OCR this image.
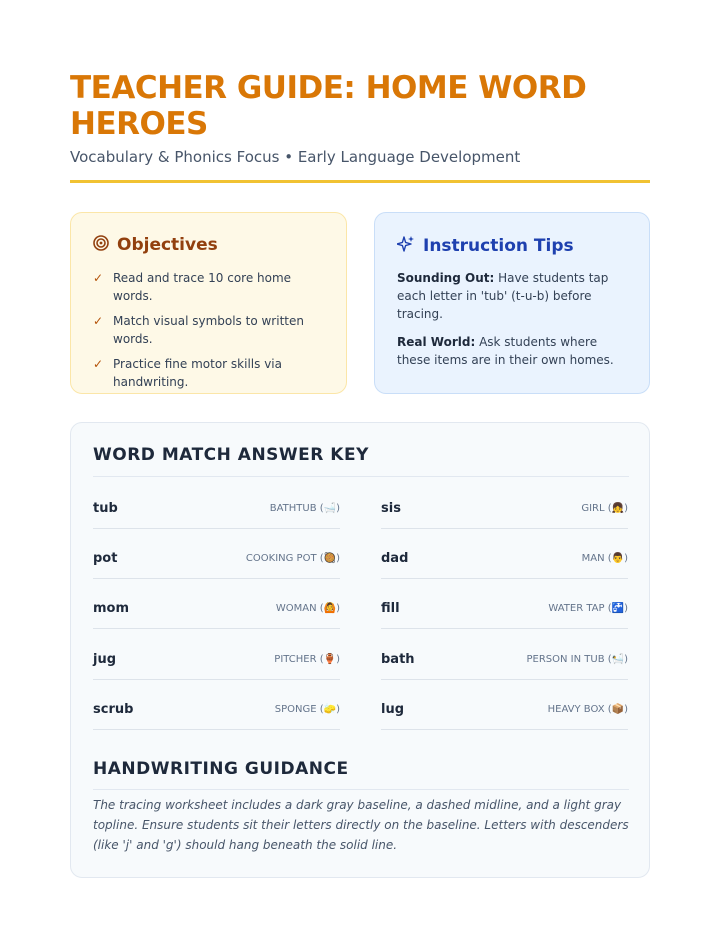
TEACHER GUIDE: HOME WORD HEROES
Vocabulary & Phonics Focus • Early Language Development
Objectives
✓ Read and trace 10 core home words.
✓ Match visual symbols to written words.
✓ Practice fine motor skills via handwriting.
Instruction Tips

Sounding Out: Have students tap each letter in 'tub' (t-u-b) before tracing.

Real World: Ask students where these items are in their own homes.

WORD MATCH ANSWER KEY
tub	BATHTUB (🛁)
pot	COOKING POT (🥘)
mom	WOMAN (🙆)
jug	PITCHER (🏺)
scrub	SPONGE (🧽)
sis	GIRL (👧)
dad	MAN (👨)
fill	WATER TAP (🚰)
bath	PERSON IN TUB (🛀)
lug	HEAVY BOX (📦)
HANDWRITING GUIDANCE
The tracing worksheet includes a dark gray baseline, a dashed midline, and a light gray topline. Ensure students sit their letters directly on the baseline. Letters with descenders (like 'j' and 'g') should hang beneath the solid line.
